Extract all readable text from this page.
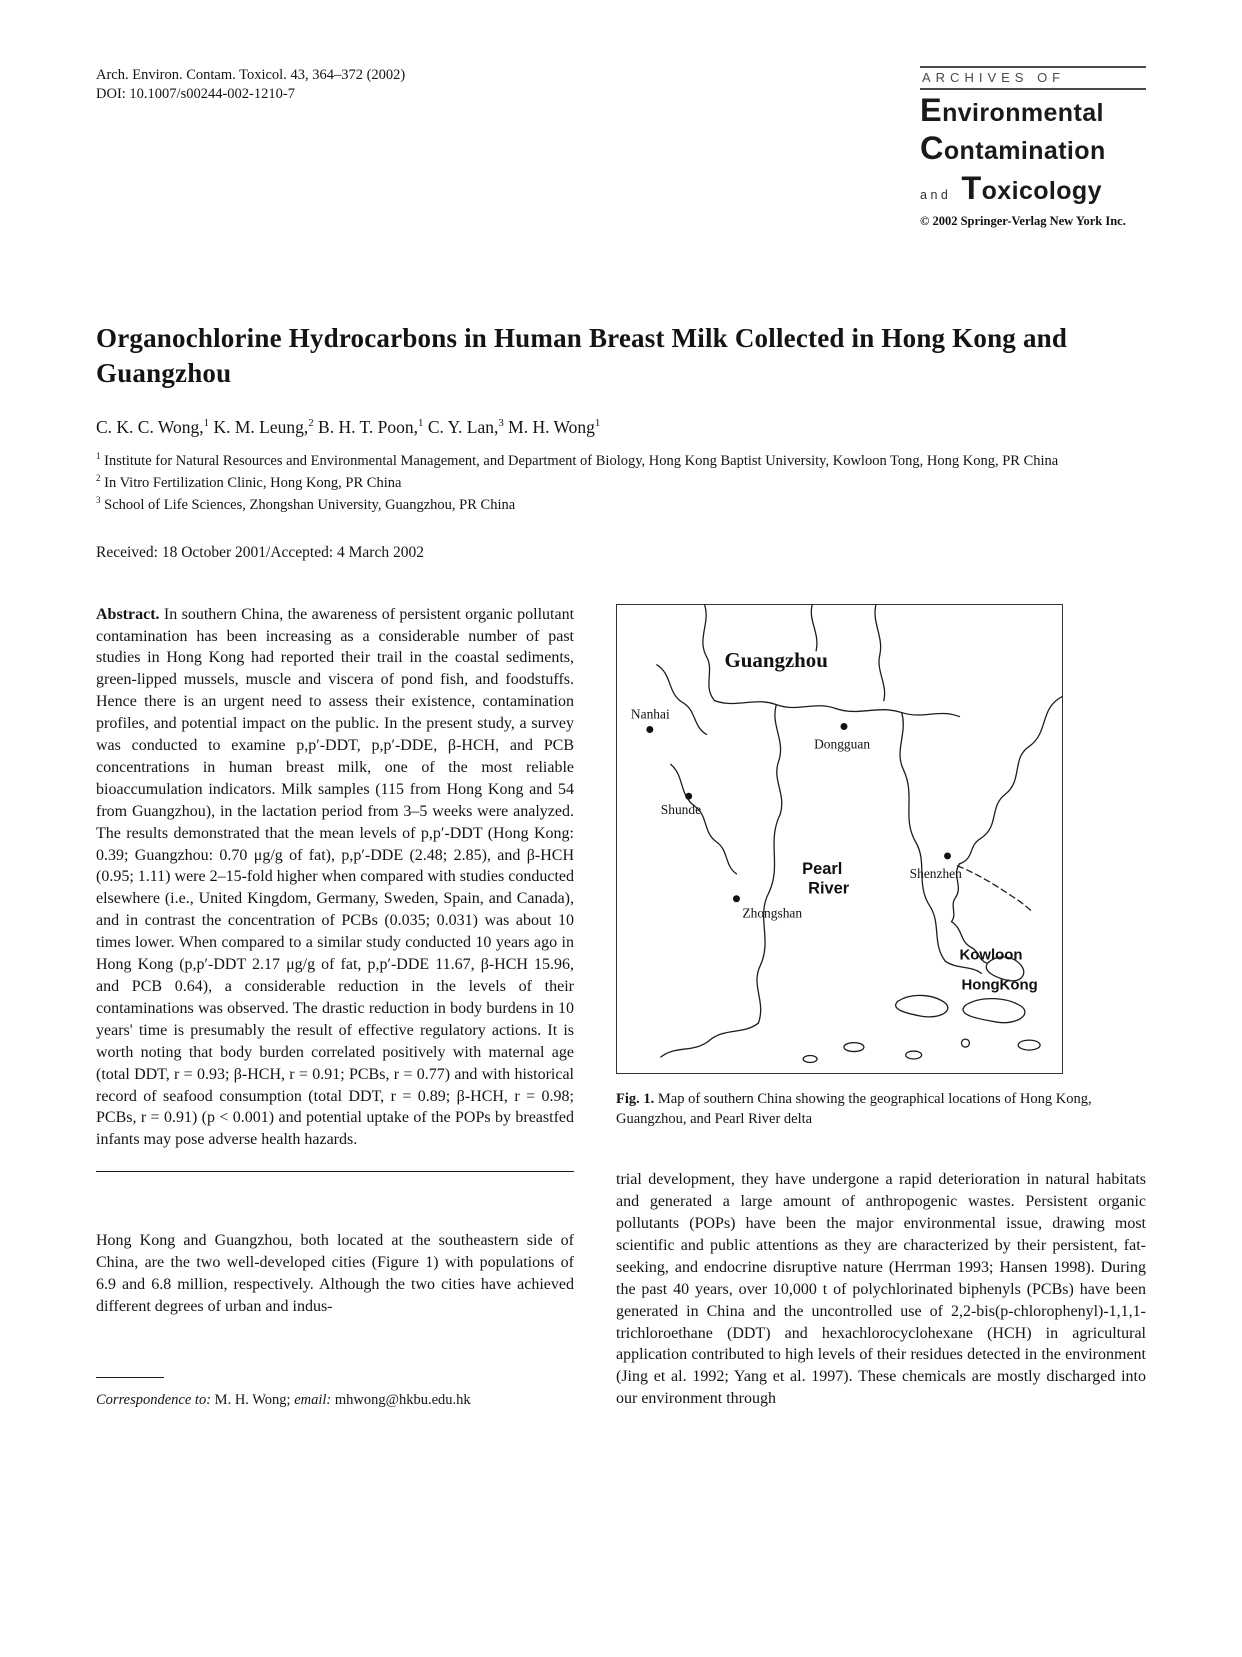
Arch. Environ. Contam. Toxicol. 43, 364–372 (2002)
DOI: 10.1007/s00244-002-1210-7
ARCHIVES OF
Environmental
Contamination
and Toxicology
© 2002 Springer-Verlag New York Inc.
Organochlorine Hydrocarbons in Human Breast Milk Collected in Hong Kong and Guangzhou
C. K. C. Wong,$^1$ K. M. Leung,$^2$ B. H. T. Poon,$^1$ C. Y. Lan,$^3$ M. H. Wong$^1$
$^1$ Institute for Natural Resources and Environmental Management, and Department of Biology, Hong Kong Baptist University, Kowloon Tong, Hong Kong, PR China
$^2$ In Vitro Fertilization Clinic, Hong Kong, PR China
$^3$ School of Life Sciences, Zhongshan University, Guangzhou, PR China
Received: 18 October 2001/Accepted: 4 March 2002

Abstract. In southern China, the awareness of persistent organic pollutant contamination has been increasing as a considerable number of past studies in Hong Kong had reported their trail in the coastal sediments, green-lipped mussels, muscle and viscera of pond fish, and foodstuffs. Hence there is an urgent need to assess their existence, contamination profiles, and potential impact on the public. In the present study, a survey was conducted to examine p,p′-DDT, p,p′-DDE, β-HCH, and PCB concentrations in human breast milk, one of the most reliable bioaccumulation indicators. Milk samples (115 from Hong Kong and 54 from Guangzhou), in the lactation period from 3–5 weeks were analyzed. The results demonstrated that the mean levels of p,p′-DDT (Hong Kong: 0.39; Guangzhou: 0.70 μg/g of fat), p,p′-DDE (2.48; 2.85), and β-HCH (0.95; 1.11) were 2–15-fold higher when compared with studies conducted elsewhere (i.e., United Kingdom, Germany, Sweden, Spain, and Canada), and in contrast the concentration of PCBs (0.035; 0.031) was about 10 times lower. When compared to a similar study conducted 10 years ago in Hong Kong (p,p′-DDT 2.17 μg/g of fat, p,p′-DDE 11.67, β-HCH 15.96, and PCB 0.64), a considerable reduction in the levels of their contaminations was observed. The drastic reduction in body burdens in 10 years' time is presumably the result of effective regulatory actions. It is worth noting that body burden correlated positively with maternal age (total DDT, r = 0.93; β-HCH, r = 0.91; PCBs, r = 0.77) and with historical record of seafood consumption (total DDT, r = 0.89; β-HCH, r = 0.98; PCBs, r = 0.91) (p < 0.001) and potential uptake of the POPs by breastfed infants may pose adverse health hazards.

Hong Kong and Guangzhou, both located at the southeastern side of China, are the two well-developed cities (Figure 1) with populations of 6.9 and 6.8 million, respectively. Although the two cities have achieved different degrees of urban and indus-

Correspondence to: M. H. Wong; email: mhwong@hkbu.edu.hk
Guangzhou
Nanhai
Dongguan
Shunde
Pearl
River
Zhongshan
Shenzhen
Kowloon
HongKong
Fig. 1. Map of southern China showing the geographical locations of Hong Kong, Guangzhou, and Pearl River delta

trial development, they have undergone a rapid deterioration in natural habitats and generated a large amount of anthropogenic wastes. Persistent organic pollutants (POPs) have been the major environmental issue, drawing most scientific and public attentions as they are characterized by their persistent, fat-seeking, and endocrine disruptive nature (Herrman 1993; Hansen 1998). During the past 40 years, over 10,000 t of polychlorinated biphenyls (PCBs) have been generated in China and the uncontrolled use of 2,2-bis(p-chlorophenyl)-1,1,1-trichloroethane (DDT) and hexachlorocyclohexane (HCH) in agricultural application contributed to high levels of their residues detected in the environment (Jing et al. 1992; Yang et al. 1997). These chemicals are mostly discharged into our environment through
